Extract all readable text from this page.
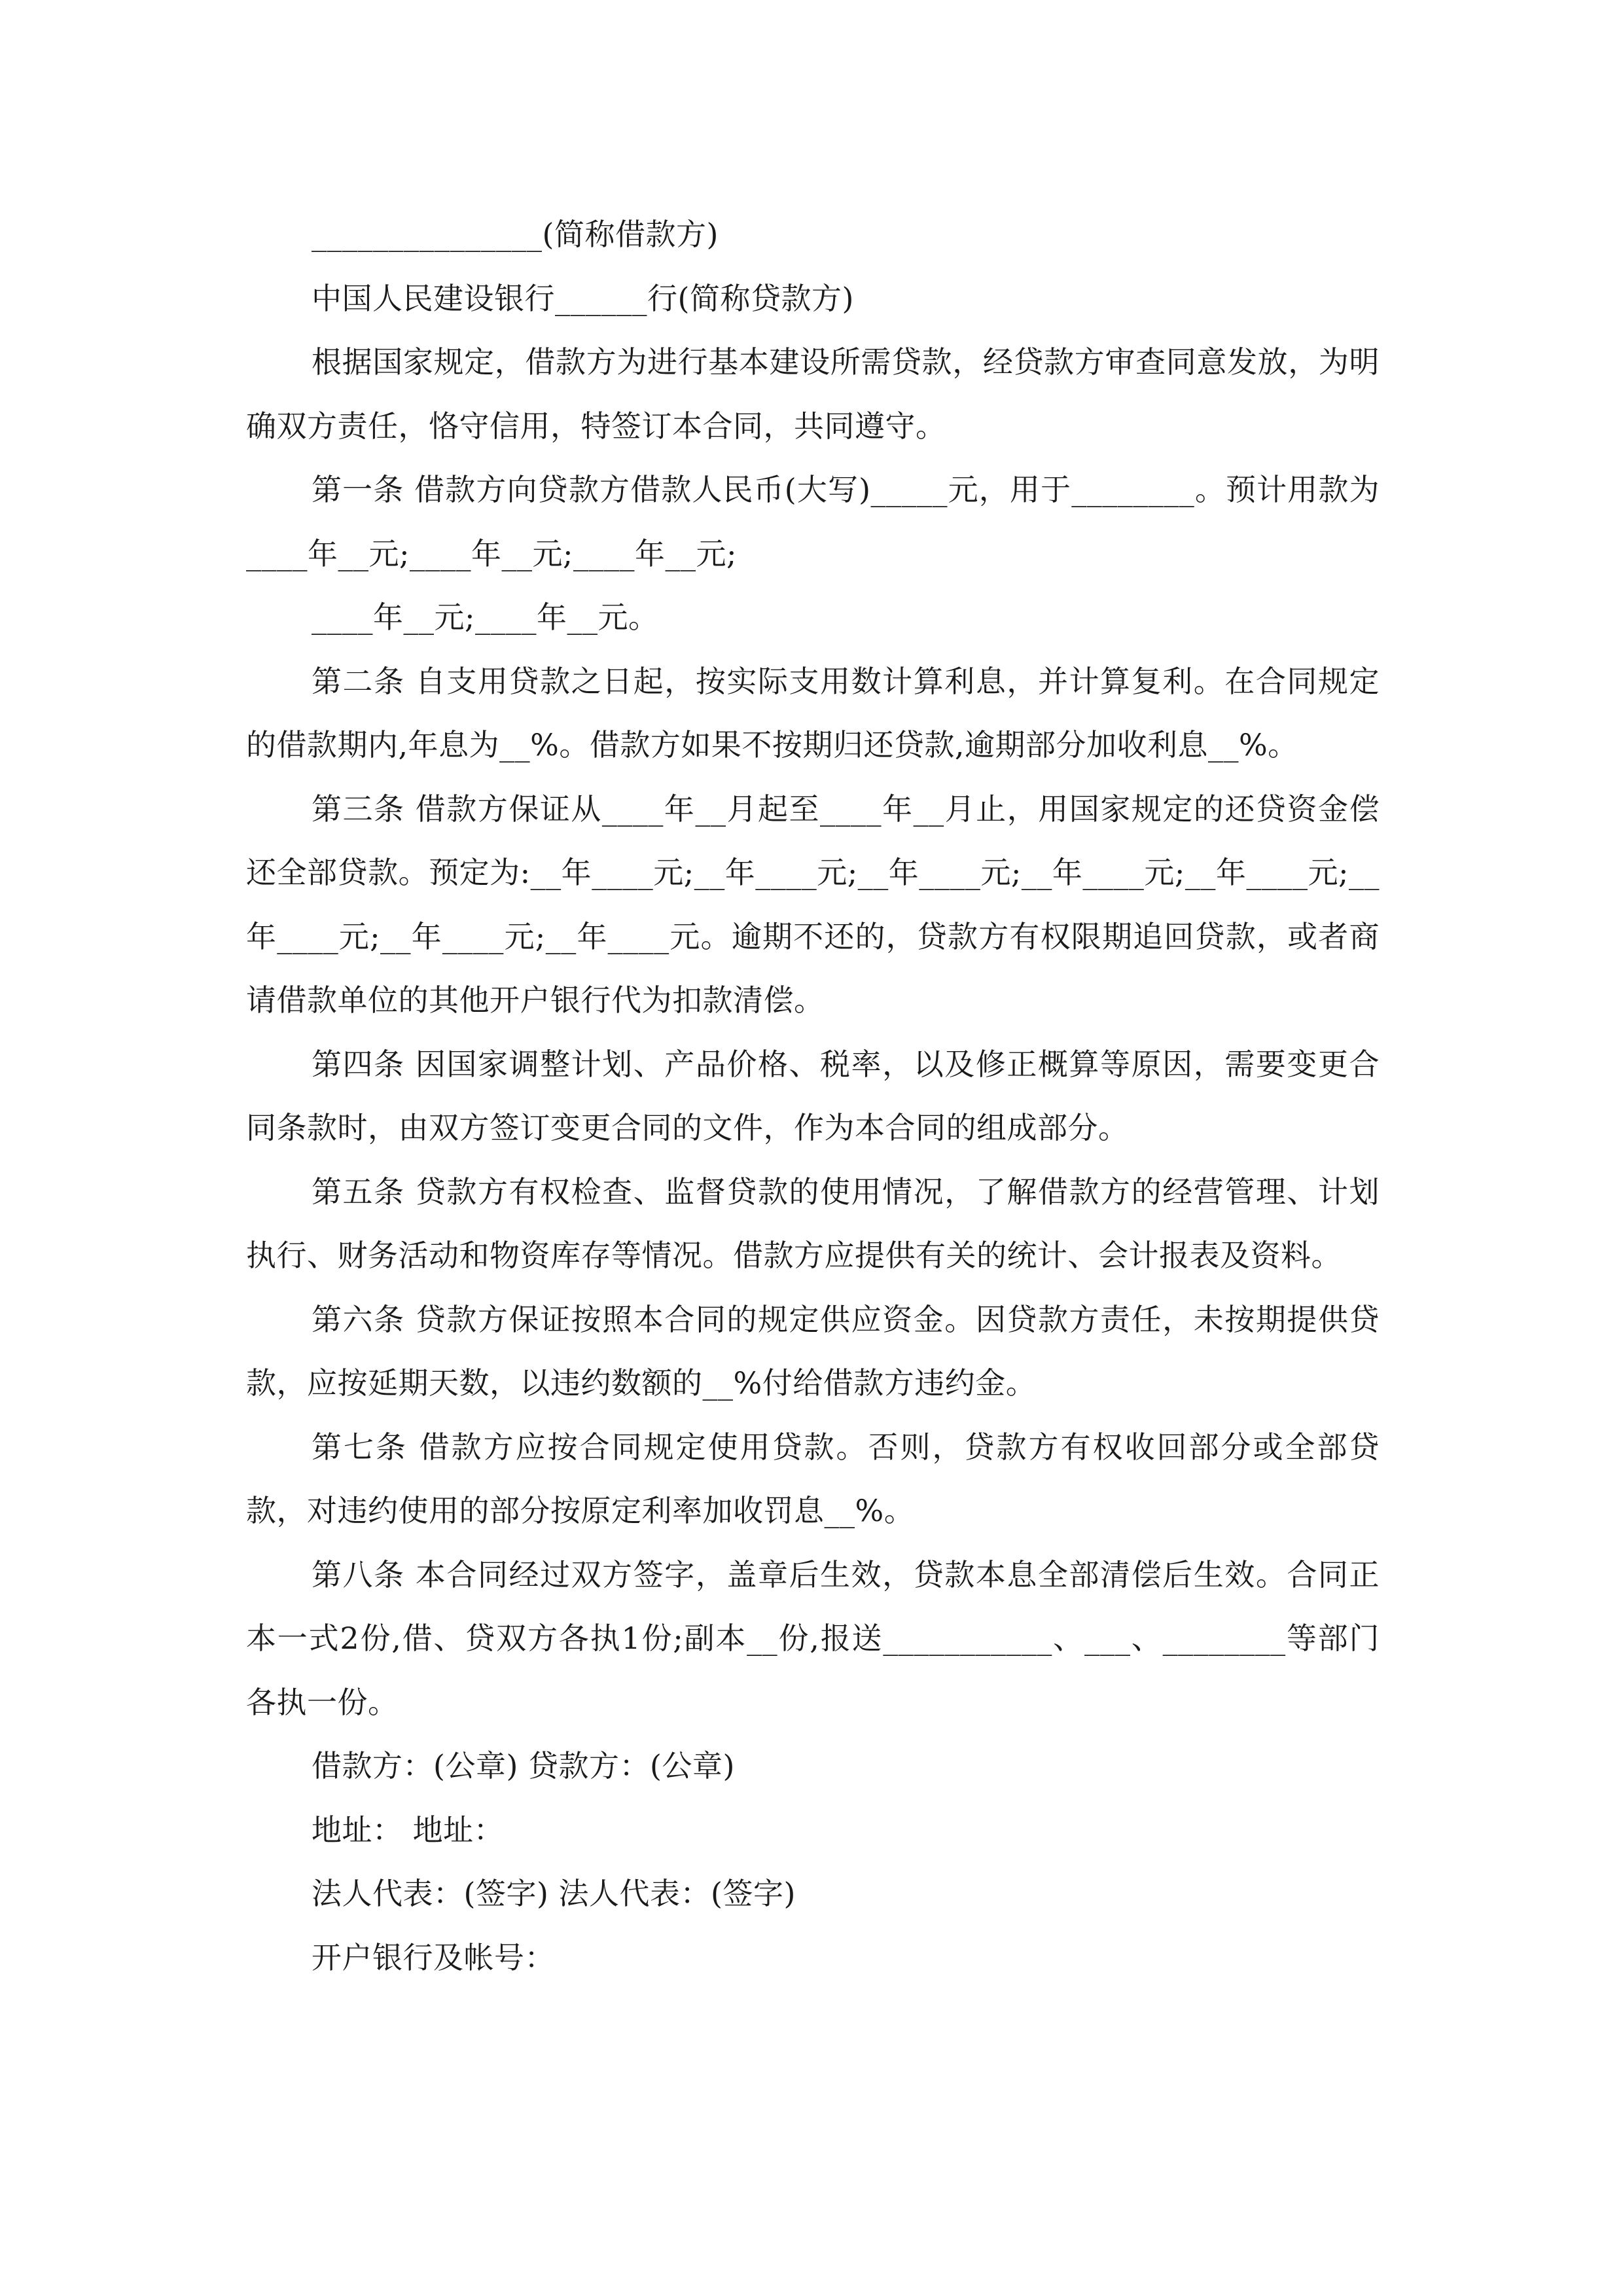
_______________(简称借款方)

中国人民建设银行______行(简称贷款方)

根据国家规定，借款方为进行基本建设所需贷款，经贷款方审查同意发放，为明确双方责任，恪守信用，特签订本合同，共同遵守。

第一条 借款方向贷款方借款人民币(大写)_____元，用于________。预计用款为____年__元;____年__元;____年__元;

____年__元;____年__元。

第二条 自支用贷款之日起，按实际支用数计算利息，并计算复利。在合同规定的借款期内,年息为__%。借款方如果不按期归还贷款,逾期部分加收利息__%。

第三条 借款方保证从____年__月起至____年__月止，用国家规定的还贷资金偿还全部贷款。预定为:__年____元;__年____元;__年____元;__年____元;__年____元;__年____元;__年____元;__年____元。逾期不还的，贷款方有权限期追回贷款，或者商请借款单位的其他开户银行代为扣款清偿。

第四条 因国家调整计划、产品价格、税率，以及修正概算等原因，需要变更合同条款时，由双方签订变更合同的文件，作为本合同的组成部分。

第五条 贷款方有权检查、监督贷款的使用情况，了解借款方的经营管理、计划执行、财务活动和物资库存等情况。借款方应提供有关的统计、会计报表及资料。

第六条 贷款方保证按照本合同的规定供应资金。因贷款方责任，未按期提供贷款，应按延期天数，以违约数额的__%付给借款方违约金。

第七条 借款方应按合同规定使用贷款。否则，贷款方有权收回部分或全部贷款，对违约使用的部分按原定利率加收罚息__%。

第八条 本合同经过双方签字，盖章后生效，贷款本息全部清偿后生效。合同正本一式2份,借、贷双方各执1份;副本__份,报送___________、___、________等部门各执一份。

借款方：(公章) 贷款方：(公章)

地址： 地址：

法人代表：(签字) 法人代表：(签字)

开户银行及帐号：
